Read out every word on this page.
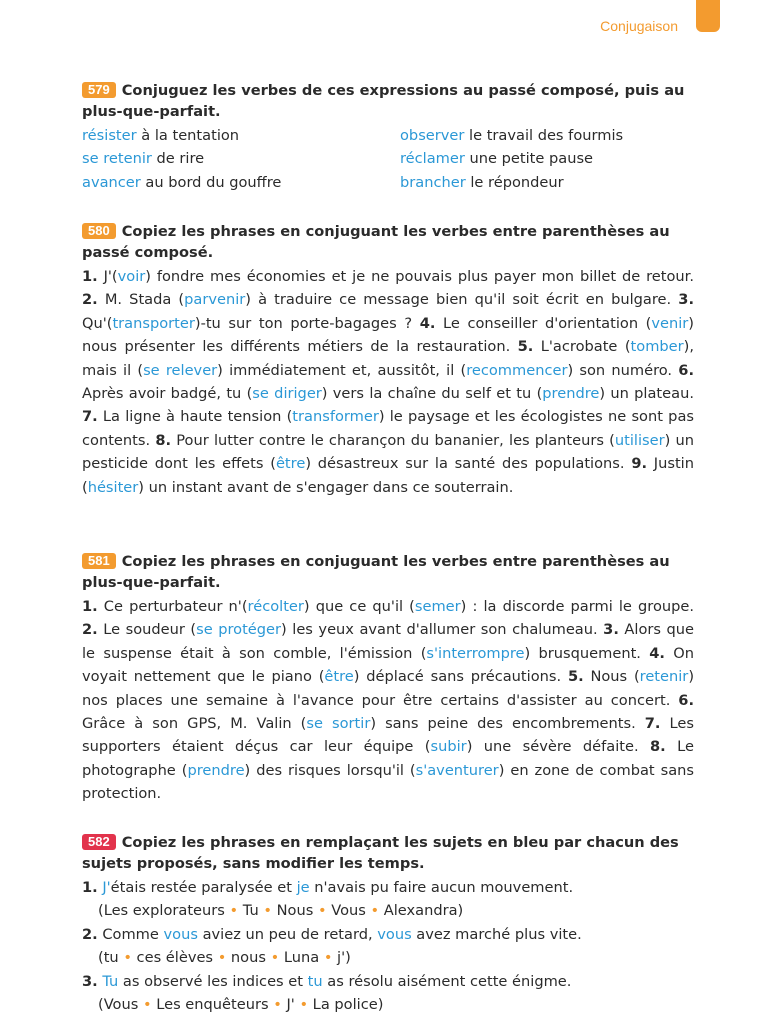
Conjugaison
579 Conjuguez les verbes de ces expressions au passé composé, puis au plus-que-parfait.
résister à la tentation	observer le travail des fourmis
se retenir de rire	réclamer une petite pause
avancer au bord du gouffre	brancher le répondeur
580 Copiez les phrases en conjuguant les verbes entre parenthèses au passé composé.
1. J'(voir) fondre mes économies et je ne pouvais plus payer mon billet de retour. 2. M. Stada (parvenir) à traduire ce message bien qu'il soit écrit en bulgare. 3. Qu'(transporter)-tu sur ton porte-bagages ? 4. Le conseiller d'orientation (venir) nous présenter les différents métiers de la restauration. 5. L'acrobate (tomber), mais il (se relever) immédiatement et, aussitôt, il (recommencer) son numéro. 6. Après avoir badgé, tu (se diriger) vers la chaîne du self et tu (prendre) un plateau. 7. La ligne à haute tension (transformer) le paysage et les écologistes ne sont pas contents. 8. Pour lutter contre le charançon du bananier, les planteurs (utiliser) un pesticide dont les effets (être) désastreux sur la santé des populations. 9. Justin (hésiter) un instant avant de s'engager dans ce souterrain.
581 Copiez les phrases en conjuguant les verbes entre parenthèses au plus-que-parfait.
1. Ce perturbateur n'(récolter) que ce qu'il (semer) : la discorde parmi le groupe. 2. Le soudeur (se protéger) les yeux avant d'allumer son chalumeau. 3. Alors que le suspense était à son comble, l'émission (s'interrompre) brusquement. 4. On voyait nettement que le piano (être) déplacé sans précautions. 5. Nous (retenir) nos places une semaine à l'avance pour être certains d'assister au concert. 6. Grâce à son GPS, M. Valin (se sortir) sans peine des encombrements. 7. Les supporters étaient déçus car leur équipe (subir) une sévère défaite. 8. Le photographe (prendre) des risques lorsqu'il (s'aventurer) en zone de combat sans protection.
582 Copiez les phrases en remplaçant les sujets en bleu par chacun des sujets proposés, sans modifier les temps.
1. J'étais restée paralysée et je n'avais pu faire aucun mouvement.
(Les explorateurs • Tu • Nous • Vous • Alexandra)
2. Comme vous aviez un peu de retard, vous avez marché plus vite.
(tu • ces élèves • nous • Luna • j')
3. Tu as observé les indices et tu as résolu aisément cette énigme.
(Vous • Les enquêteurs • J' • La police)
